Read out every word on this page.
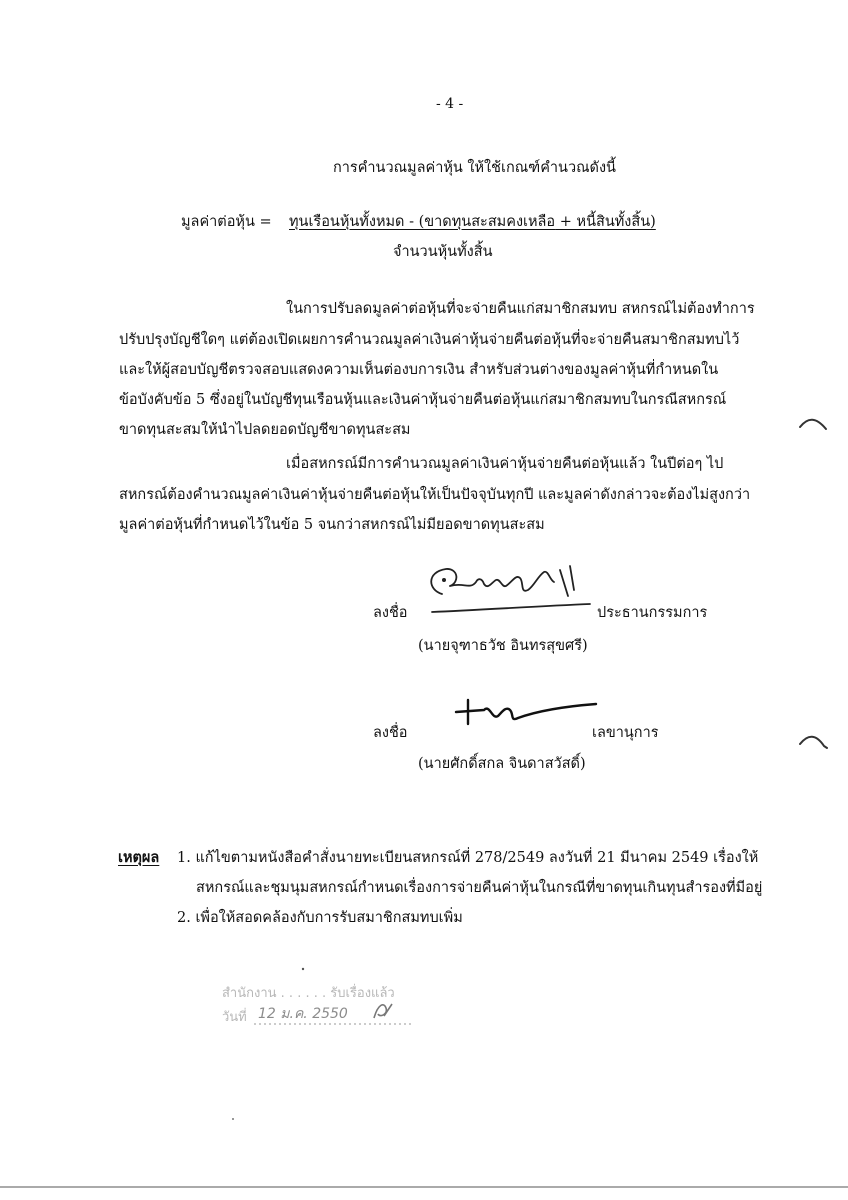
- 4 -
การคำนวณมูลค่าหุ้น ให้ใช้เกณฑ์คำนวณดังนี้
มูลค่าต่อหุ้น = ทุนเรือนหุ้นทั้งหมด - (ขาดทุนสะสมคงเหลือ + หนี้สินทั้งสิ้น)
จำนวนหุ้นทั้งสิ้น
ในการปรับลดมูลค่าต่อหุ้นที่จะจ่ายคืนแก่สมาชิกสมทบ สหกรณ์ไม่ต้องทำการ
ปรับปรุงบัญชีใดๆ แต่ต้องเปิดเผยการคำนวณมูลค่าเงินค่าหุ้นจ่ายคืนต่อหุ้นที่จะจ่ายคืนสมาชิกสมทบไว้
และให้ผู้สอบบัญชีตรวจสอบแสดงความเห็นต่องบการเงิน สำหรับส่วนต่างของมูลค่าหุ้นที่กำหนดใน
ข้อบังคับข้อ 5 ซึ่งอยู่ในบัญชีทุนเรือนหุ้นและเงินค่าหุ้นจ่ายคืนต่อหุ้นแก่สมาชิกสมทบในกรณีสหกรณ์
ขาดทุนสะสมให้นำไปลดยอดบัญชีขาดทุนสะสม
เมื่อสหกรณ์มีการคำนวณมูลค่าเงินค่าหุ้นจ่ายคืนต่อหุ้นแล้ว ในปีต่อๆ ไป
สหกรณ์ต้องคำนวณมูลค่าเงินค่าหุ้นจ่ายคืนต่อหุ้นให้เป็นปัจจุบันทุกปี และมูลค่าดังกล่าวจะต้องไม่สูงกว่า
มูลค่าต่อหุ้นที่กำหนดไว้ในข้อ 5 จนกว่าสหกรณ์ไม่มียอดขาดทุนสะสม
ลงชื่อ	ประธานกรรมการ
(นายจุฑาธวัช อินทรสุขศรี)
ลงชื่อ	เลขานุการ
(นายศักดิ์สกล จินดาสวัสดิ์)
เหตุผล 1. แก้ไขตามหนังสือคำสั่งนายทะเบียนสหกรณ์ที่ 278/2549 ลงวันที่ 21 มีนาคม 2549 เรื่องให้
สหกรณ์และชุมนุมสหกรณ์กำหนดเรื่องการจ่ายคืนค่าหุ้นในกรณีที่ขาดทุนเกินทุนสำรองที่มีอยู่
2. เพื่อให้สอดคล้องกับการรับสมาชิกสมทบเพิ่ม
สำนักงาน . . . . . . รับเรื่องแล้ว
วันที่ 12 ม.ค. 2550
